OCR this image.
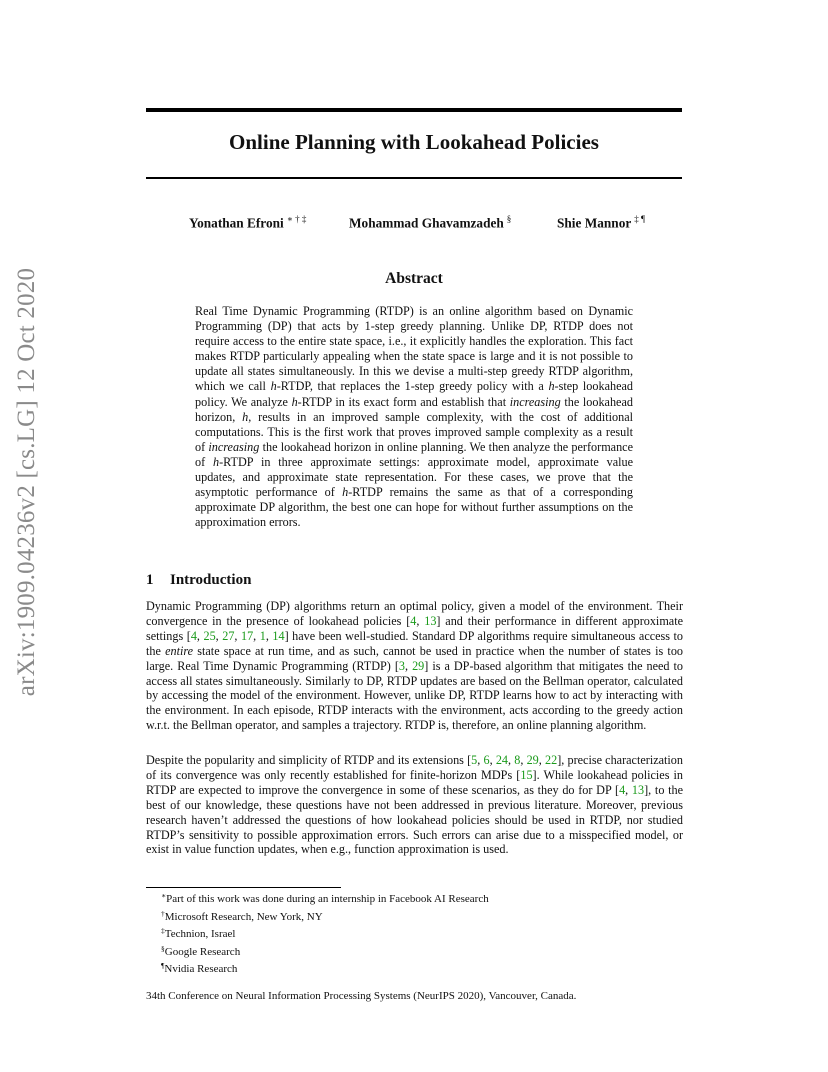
arXiv:1909.04236v2 [cs.LG] 12 Oct 2020
Online Planning with Lookahead Policies
Yonathan Efroni ∗ † ‡	Mohammad Ghavamzadeh §	Shie Mannor ‡ ¶
Abstract
Real Time Dynamic Programming (RTDP) is an online algorithm based on Dynamic Programming (DP) that acts by 1-step greedy planning. Unlike DP, RTDP does not require access to the entire state space, i.e., it explicitly handles the exploration. This fact makes RTDP particularly appealing when the state space is large and it is not possible to update all states simultaneously. In this we devise a multi-step greedy RTDP algorithm, which we call h-RTDP, that replaces the 1-step greedy policy with a h-step lookahead policy. We analyze h-RTDP in its exact form and establish that increasing the lookahead horizon, h, results in an improved sample complexity, with the cost of additional computations. This is the first work that proves improved sample complexity as a result of increasing the lookahead horizon in online planning. We then analyze the performance of h-RTDP in three approximate settings: approximate model, approximate value updates, and approximate state representation. For these cases, we prove that the asymptotic performance of h-RTDP remains the same as that of a corresponding approximate DP algorithm, the best one can hope for without further assumptions on the approximation errors.
1 Introduction
Dynamic Programming (DP) algorithms return an optimal policy, given a model of the environment. Their convergence in the presence of lookahead policies [4, 13] and their performance in different approximate settings [4, 25, 27, 17, 1, 14] have been well-studied. Standard DP algorithms require simultaneous access to the entire state space at run time, and as such, cannot be used in practice when the number of states is too large. Real Time Dynamic Programming (RTDP) [3, 29] is a DP-based algorithm that mitigates the need to access all states simultaneously. Similarly to DP, RTDP updates are based on the Bellman operator, calculated by accessing the model of the environment. However, unlike DP, RTDP learns how to act by interacting with the environment. In each episode, RTDP interacts with the environment, acts according to the greedy action w.r.t. the Bellman operator, and samples a trajectory. RTDP is, therefore, an online planning algorithm.
Despite the popularity and simplicity of RTDP and its extensions [5, 6, 24, 8, 29, 22], precise characterization of its convergence was only recently established for finite-horizon MDPs [15]. While lookahead policies in RTDP are expected to improve the convergence in some of these scenarios, as they do for DP [4, 13], to the best of our knowledge, these questions have not been addressed in previous literature. Moreover, previous research haven’t addressed the questions of how lookahead policies should be used in RTDP, nor studied RTDP’s sensitivity to possible approximation errors. Such errors can arise due to a misspecified model, or exist in value function updates, when e.g., function approximation is used.
∗Part of this work was done during an internship in Facebook AI Research
†Microsoft Research, New York, NY
‡Technion, Israel
§Google Research
¶Nvidia Research
34th Conference on Neural Information Processing Systems (NeurIPS 2020), Vancouver, Canada.
